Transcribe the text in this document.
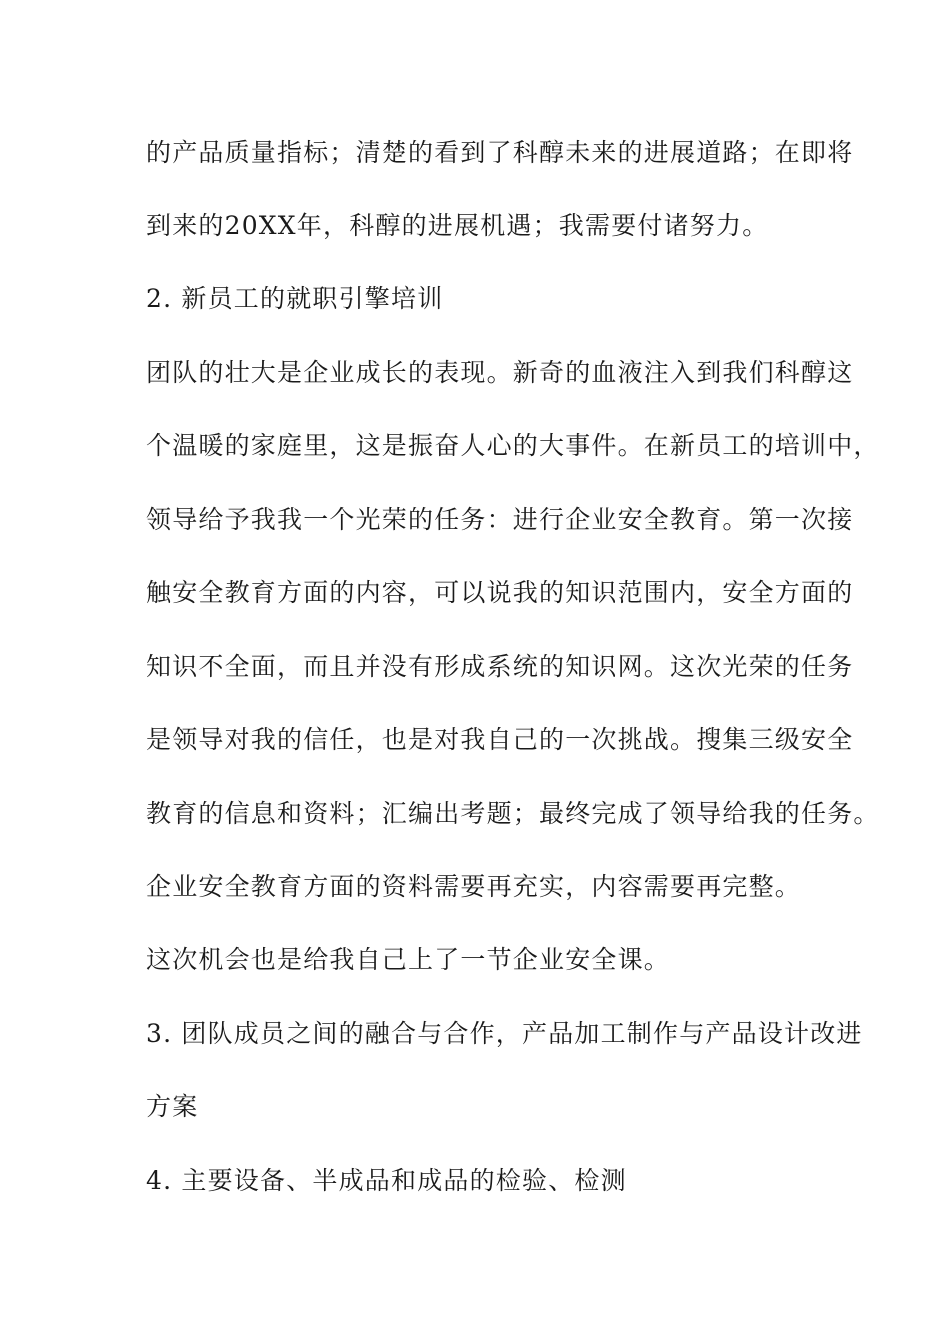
的产品质量指标；清楚的看到了科醇未来的进展道路；在即将

到来的20XX年，科醇的进展机遇；我需要付诸努力。

2. 新员工的就职引擎培训

团队的壮大是企业成长的表现。新奇的血液注入到我们科醇这

个温暖的家庭里，这是振奋人心的大事件。在新员工的培训中，

领导给予我我一个光荣的任务：进行企业安全教育。第一次接

触安全教育方面的内容，可以说我的知识范围内，安全方面的

知识不全面，而且并没有形成系统的知识网。这次光荣的任务

是领导对我的信任，也是对我自己的一次挑战。搜集三级安全

教育的信息和资料；汇编出考题；最终完成了领导给我的任务。

企业安全教育方面的资料需要再充实，内容需要再完整。

这次机会也是给我自己上了一节企业安全课。

3. 团队成员之间的融合与合作，产品加工制作与产品设计改进

方案

4. 主要设备、半成品和成品的检验、检测
